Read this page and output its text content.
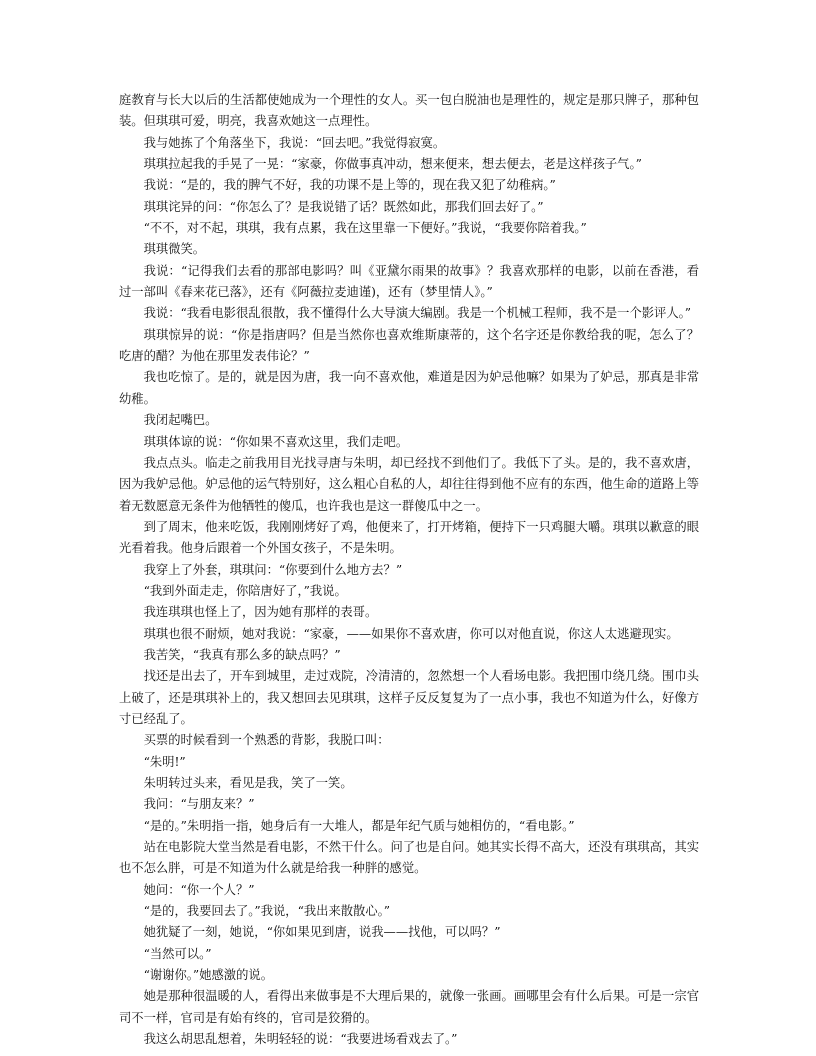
庭教育与长大以后的生活都使她成为一个理性的女人。买一包白脱油也是理性的，规定是那只牌子，那种包装。但琪琪可爱，明亮，我喜欢她这一点理性。

我与她拣了个角落坐下，我说：“回去吧。”我觉得寂寞。

琪琪拉起我的手晃了一晃：“家豪，你做事真冲动，想来便来，想去便去，老是这样孩子气。”

我说：“是的，我的脾气不好，我的功课不是上等的，现在我又犯了幼稚病。”

琪琪诧异的问：“你怎么了？是我说错了话？既然如此，那我们回去好了。”

“不不，对不起，琪琪，我有点累，我在这里靠一下便好。”我说，“我要你陪着我。”

琪琪微笑。

我说：“记得我们去看的那部电影吗？叫《亚黛尔雨果的故事》？我喜欢那样的电影，以前在香港，看过一部叫《春来花已落》，还有《阿薇拉麦迪谨)，还有（梦里情人》。”

我说：“我看电影很乱很散，我不懂得什么大导演大编剧。我是一个机械工程师，我不是一个影评人。”

琪琪惊异的说：“你是指唐吗？但是当然你也喜欢维斯康蒂的，这个名字还是你教给我的呢，怎么了？吃唐的醋？为他在那里发表伟论？”

我也吃惊了。是的，就是因为唐，我一向不喜欢他，难道是因为妒忌他嘛？如果为了妒忌，那真是非常幼稚。

我闭起嘴巴。

琪琪体谅的说：“你如果不喜欢这里，我们走吧。

我点点头。临走之前我用目光找寻唐与朱明，却已经找不到他们了。我低下了头。是的，我不喜欢唐，因为我妒忌他。妒忌他的运气特别好，这么粗心自私的人，却往往得到他不应有的东西，他生命的道路上等着无数愿意无条件为他牺牲的傻瓜，也许我也是这一群傻瓜中之一。

到了周末，他来吃饭，我刚刚烤好了鸡，他便来了，打开烤箱，便持下一只鸡腿大嚼。琪琪以歉意的眼光看着我。他身后跟着一个外国女孩子，不是朱明。

我穿上了外套，琪琪问：“你要到什么地方去？”

“我到外面走走，你陪唐好了，”我说。

我连琪琪也怪上了，因为她有那样的表哥。

琪琪也很不耐烦，她对我说：“家豪，——如果你不喜欢唐，你可以对他直说，你这人太逃避现实。

我苦笑，“我真有那么多的缺点吗？”

找还是出去了，开车到城里，走过戏院，冷清清的，忽然想一个人看场电影。我把围巾绕几绕。围巾头上破了，还是琪琪补上的，我又想回去见琪琪，这样子反反复复为了一点小事，我也不知道为什么，好像方寸已经乱了。

买票的时候看到一个熟悉的背影，我脱口叫：

“朱明!”

朱明转过头来，看见是我，笑了一笑。

我问：“与朋友来？”

“是的。”朱明指一指，她身后有一大堆人，都是年纪气质与她相仿的，“看电影。”

站在电影院大堂当然是看电影，不然干什么。问了也是自问。她其实长得不高大，还没有琪琪高，其实也不怎么胖，可是不知道为什么就是给我一种胖的感觉。

她问：“你一个人？”

“是的，我要回去了。”我说，“我出来散散心。”

她犹疑了一刻，她说，“你如果见到唐，说我——找他，可以吗？”

“当然可以。”

“谢谢你。”她感激的说。

她是那种很温暖的人，看得出来做事是不大理后果的，就像一张画。画哪里会有什么后果。可是一宗官司不一样，官司是有始有终的，官司是狡猾的。

我这么胡思乱想着，朱明轻轻的说：“我要进场看戏去了。”
